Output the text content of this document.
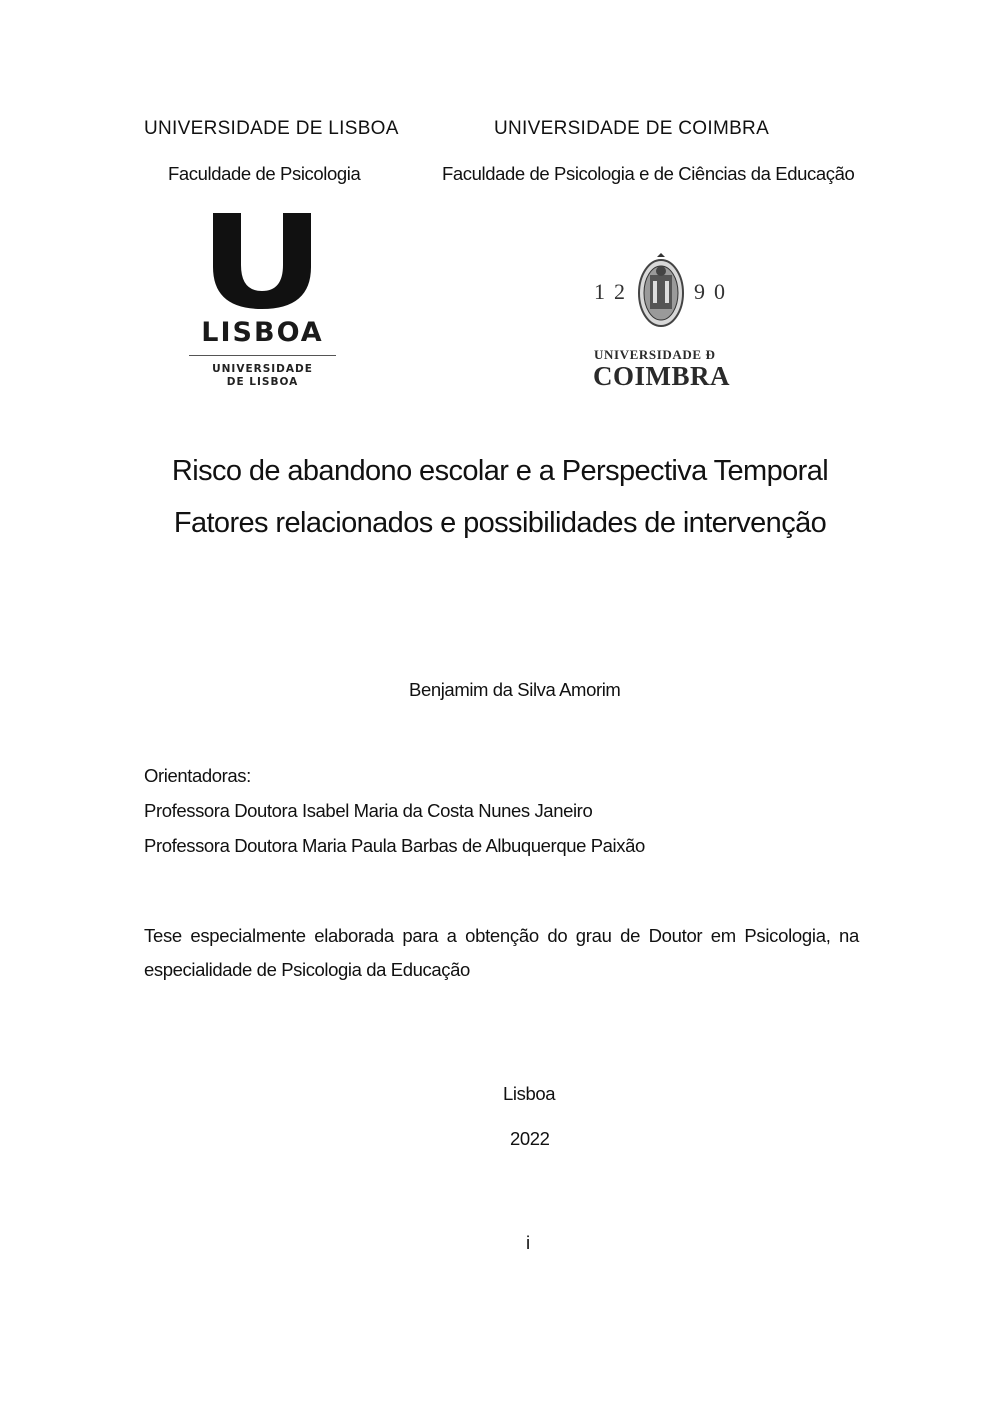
UNIVERSIDADE DE LISBOA	UNIVERSIDADE DE COIMBRA
Faculdade de Psicologia	Faculdade de Psicologia e de Ciências da Educação
LISBOA
UNIVERSIDADE
DE LISBOA
12	90
UNIVERSIDADE Đ
COIMBRA
Risco de abandono escolar e a Perspectiva Temporal
Fatores relacionados e possibilidades de intervenção
Benjamim da Silva Amorim
Orientadoras:
Professora Doutora Isabel Maria da Costa Nunes Janeiro
Professora Doutora Maria Paula Barbas de Albuquerque Paixão
Tese especialmente elaborada para a obtenção do grau de Doutor em Psicologia, na
especialidade de Psicologia da Educação
Lisboa
2022
i
